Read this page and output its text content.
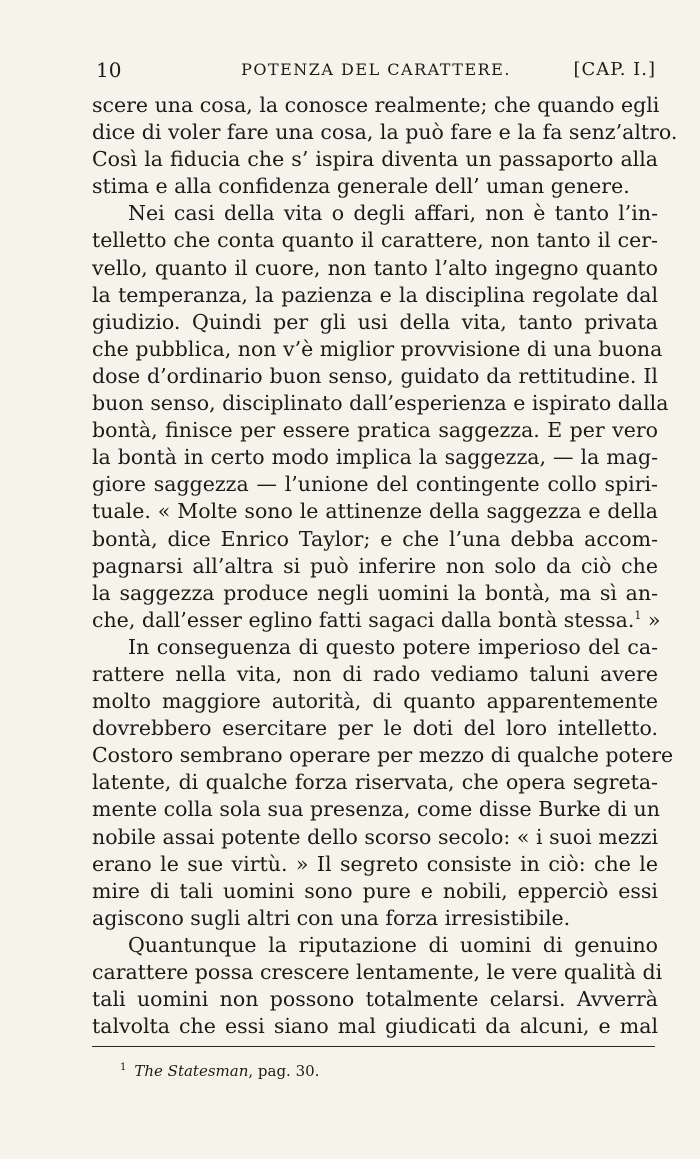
10	POTENZA DEL CARATTERE.	[CAP. I.]
scere una cosa, la conosce realmente; che quando egli
dice di voler fare una cosa, la può fare e la fa senz’altro.
Così la fiducia che s’ ispira diventa un passaporto alla
stima e alla confidenza generale dell’ uman genere.
Nei casi della vita o degli affari, non è tanto l’in-
telletto che conta quanto il carattere, non tanto il cer-
vello, quanto il cuore, non tanto l’alto ingegno quanto
la temperanza, la pazienza e la disciplina regolate dal
giudizio. Quindi per gli usi della vita, tanto privata
che pubblica, non v’è miglior provvisione di una buona
dose d’ordinario buon senso, guidato da rettitudine. Il
buon senso, disciplinato dall’esperienza e ispirato dalla
bontà, finisce per essere pratica saggezza. E per vero
la bontà in certo modo implica la saggezza, — la mag-
giore saggezza — l’unione del contingente collo spiri-
tuale. « Molte sono le attinenze della saggezza e della
bontà, dice Enrico Taylor; e che l’una debba accom-
pagnarsi all’altra si può inferire non solo da ciò che
la saggezza produce negli uomini la bontà, ma sì an-
che, dall’esser eglino fatti sagaci dalla bontà stessa.$^1$ »
In conseguenza di questo potere imperioso del ca-
rattere nella vita, non di rado vediamo taluni avere
molto maggiore autorità, di quanto apparentemente
dovrebbero esercitare per le doti del loro intelletto.
Costoro sembrano operare per mezzo di qualche potere
latente, di qualche forza riservata, che opera segreta-
mente colla sola sua presenza, come disse Burke di un
nobile assai potente dello scorso secolo: « i suoi mezzi
erano le sue virtù. » Il segreto consiste in ciò: che le
mire di tali uomini sono pure e nobili, epperciò essi
agiscono sugli altri con una forza irresistibile.
Quantunque la riputazione di uomini di genuino
carattere possa crescere lentamente, le vere qualità di
tali uomini non possono totalmente celarsi. Avverrà
talvolta che essi siano mal giudicati da alcuni, e mal
$^1$ The Statesman, pag. 30.
